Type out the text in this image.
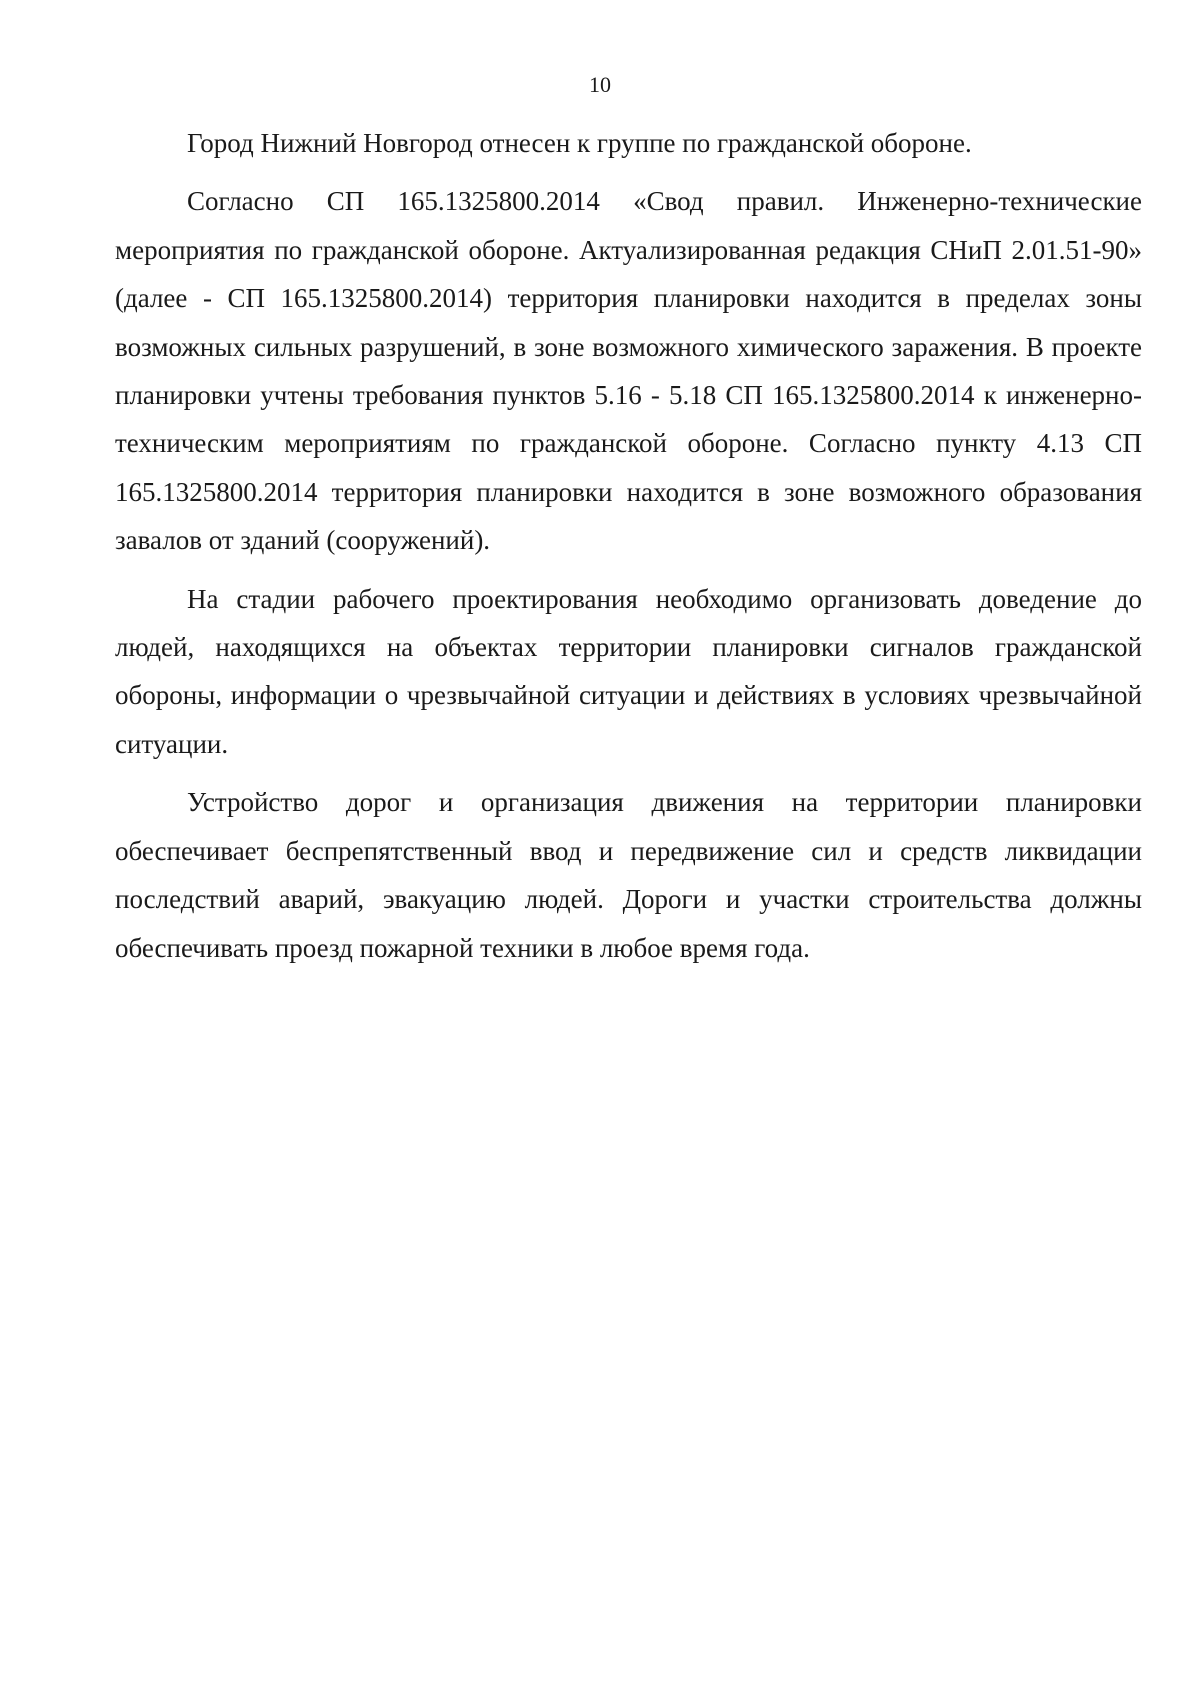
10

Город Нижний Новгород отнесен к группе по гражданской обороне.

Согласно СП 165.1325800.2014 «Свод правил. Инженерно-технические мероприятия по гражданской обороне. Актуализированная редакция СНиП 2.01.51-90» (далее - СП 165.1325800.2014) территория планировки находится в пределах зоны возможных сильных разрушений, в зоне возможного химического заражения. В проекте планировки учтены требования пунктов 5.16 - 5.18 СП 165.1325800.2014 к инженерно-техническим мероприятиям по гражданской обороне. Согласно пункту 4.13 СП 165.1325800.2014 территория планировки находится в зоне возможного образования завалов от зданий (сооружений).

На стадии рабочего проектирования необходимо организовать доведение до людей, находящихся на объектах территории планировки сигналов гражданской обороны, информации о чрезвычайной ситуации и действиях в условиях чрезвычайной ситуации.

Устройство дорог и организация движения на территории планировки обеспечивает беспрепятственный ввод и передвижение сил и средств ликвидации последствий аварий, эвакуацию людей. Дороги и участки строительства должны обеспечивать проезд пожарной техники в любое время года.
